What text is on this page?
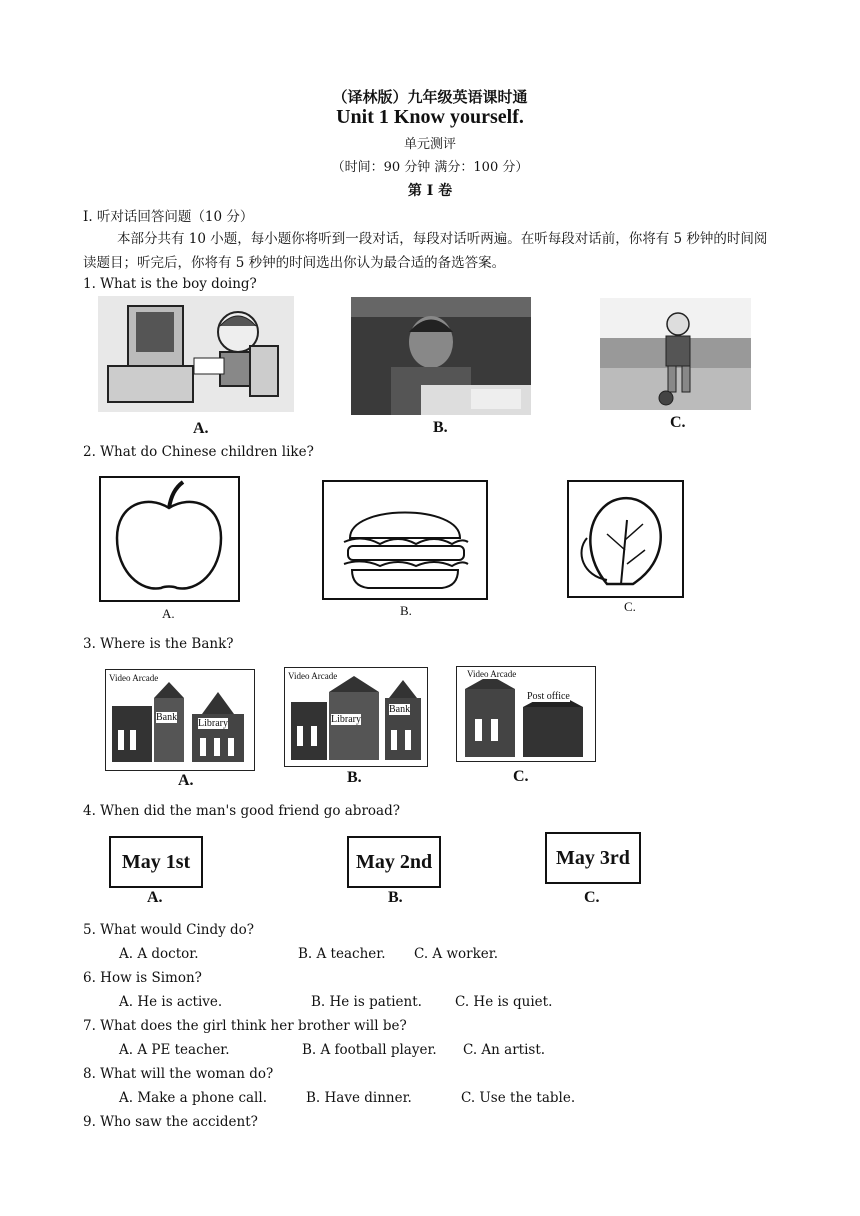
（译林版）九年级英语课时通
Unit 1 Know yourself.
单元测评
（时间：90 分钟 满分：100 分）
第 I 卷
I. 听对话回答问题（10 分）
本部分共有 10 小题，每小题你将听到一段对话，每段对话听两遍。在听每段对话前，你将有 5 秒钟的时间阅读题目；听完后，你将有 5 秒钟的时间选出你认为最合适的备选答案。
1. What is the boy doing?
A.	B.	C.
2. What do Chinese children like?
A.	B.	C.
3. Where is the Bank?
Video Arcade
Bank
Library
A.
Video Arcade
Library
Bank
B.
Video Arcade
Post office
C.
4. When did the man's good friend go abroad?
May 1st
A.
May 2nd
B.
May 3rd
C.
5. What would Cindy do?
A. A doctor.	B. A teacher. C. A worker.
6. How is Simon?
A. He is active.	B. He is patient. C. He is quiet.
7. What does the girl think her brother will be?
A. A PE teacher.	B. A football player. C. An artist.
8. What will the woman do?
A. Make a phone call.	B. Have dinner.	C. Use the table.
9. Who saw the accident?
